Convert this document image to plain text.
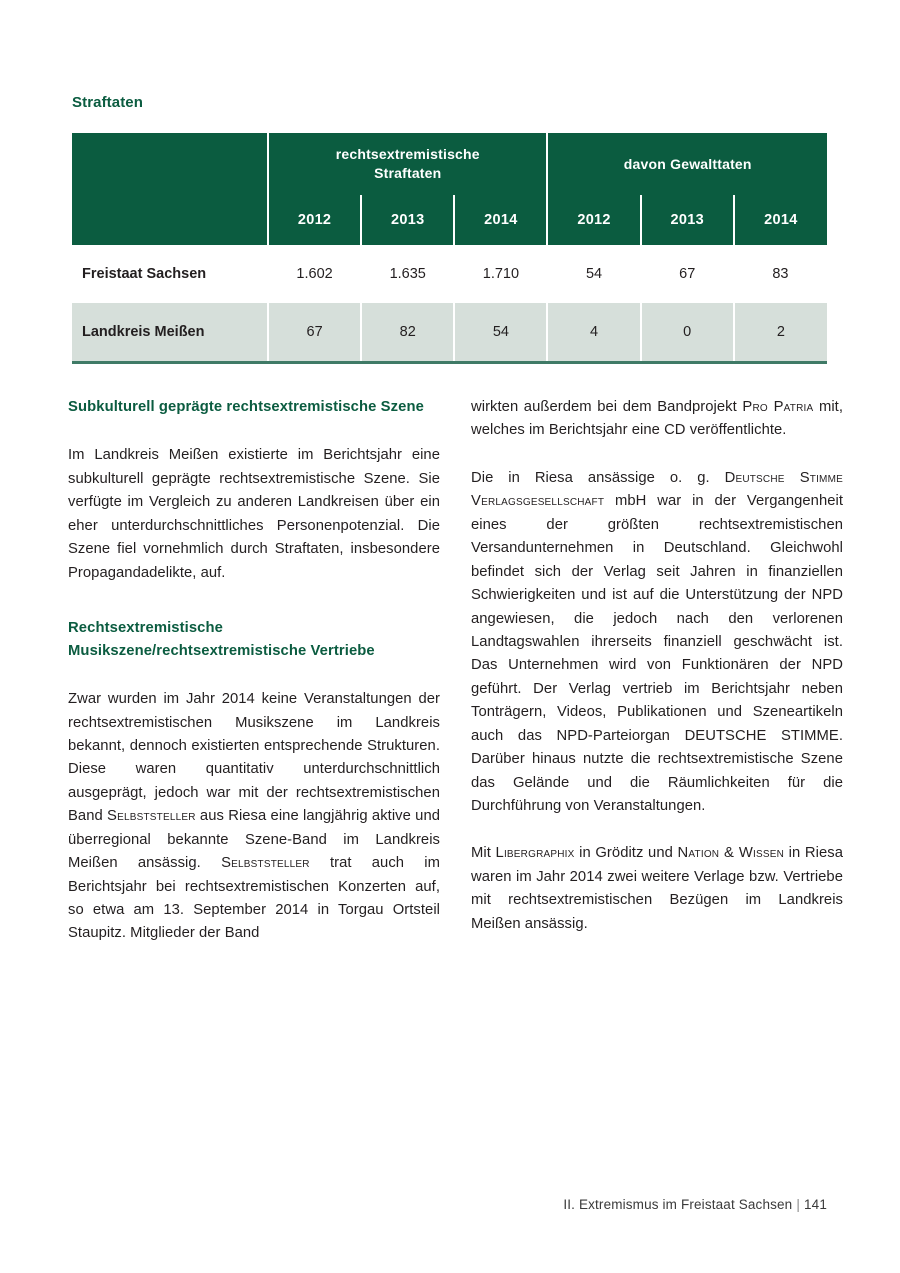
Straftaten

	rechtsextremistische
Straftaten			davon Gewalttaten		
	2012	2013	2014	2012	2013	2014
Freistaat Sachsen	1.602	1.635	1.710	54	67	83
Landkreis Meißen	67	82	54	4	0	2
Subkulturell geprägte rechtsextremistische Szene

Im Landkreis Meißen existierte im Berichtsjahr eine subkulturell geprägte rechtsextremistische Szene. Sie verfügte im Vergleich zu anderen Landkreisen über ein eher unterdurchschnittliches Personenpotenzial. Die Szene fiel vornehmlich durch Straftaten, insbesondere Propagandadelikte, auf.

Rechtsextremistische Musikszene/rechtsextremistische Vertriebe

Zwar wurden im Jahr 2014 keine Veranstaltungen der rechtsextremistischen Musikszene im Landkreis bekannt, dennoch existierten entsprechende Strukturen. Diese waren quantitativ unterdurchschnittlich ausgeprägt, jedoch war mit der rechtsextremistischen Band Selbststeller aus Riesa eine langjährig aktive und überregional bekannte Szene-Band im Landkreis Meißen ansässig. Selbststeller trat auch im Berichtsjahr bei rechtsextremistischen Konzerten auf, so etwa am 13. September 2014 in Torgau Ortsteil Staupitz. Mitglieder der Band

wirkten außerdem bei dem Bandprojekt Pro Patria mit, welches im Berichtsjahr eine CD veröffentlichte.

Die in Riesa ansässige o. g. Deutsche Stimme Verlagsgesellschaft mbH war in der Vergangenheit eines der größten rechtsextremistischen Versandunternehmen in Deutschland. Gleichwohl befindet sich der Verlag seit Jahren in finanziellen Schwierigkeiten und ist auf die Unterstützung der NPD angewiesen, die jedoch nach den verlorenen Landtagswahlen ihrerseits finanziell geschwächt ist. Das Unternehmen wird von Funktionären der NPD geführt. Der Verlag vertrieb im Berichtsjahr neben Tonträgern, Videos, Publikationen und Szeneartikeln auch das NPD-Parteiorgan DEUTSCHE STIMME. Darüber hinaus nutzte die rechtsextremistische Szene das Gelände und die Räumlichkeiten für die Durchführung von Veranstaltungen.

Mit Libergraphix in Gröditz und Nation & Wissen in Riesa waren im Jahr 2014 zwei weitere Verlage bzw. Vertriebe mit rechtsextremistischen Bezügen im Landkreis Meißen ansässig.

II. Extremismus im Freistaat Sachsen | 141
